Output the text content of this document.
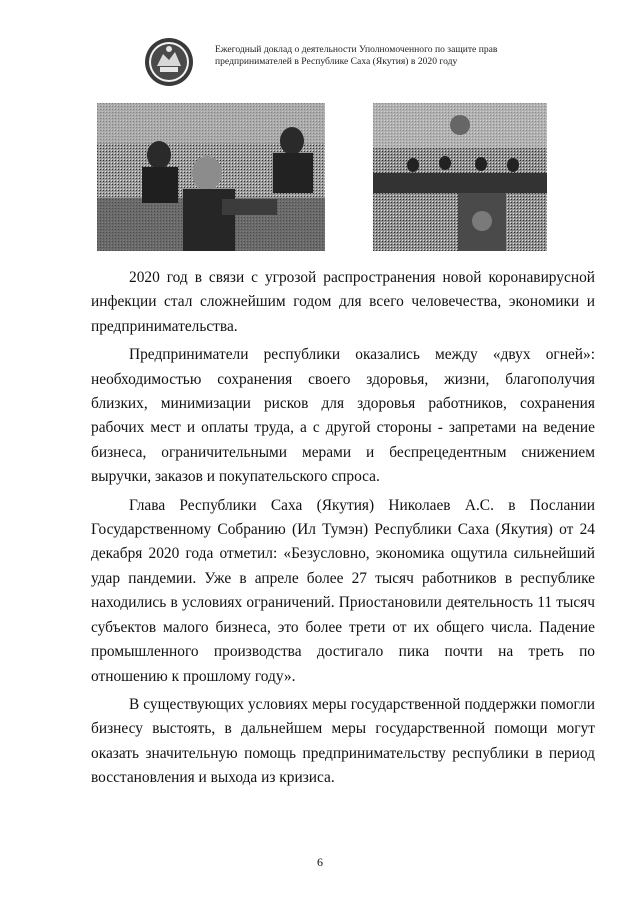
Ежегодный доклад о деятельности Уполномоченного по защите прав
предпринимателей в Республике Саха (Якутия) в 2020 году

2020 год в связи с угрозой распространения новой коронавирусной инфекции стал сложнейшим годом для всего человечества, экономики и предпринимательства.

Предприниматели республики оказались между «двух огней»: необходимостью сохранения своего здоровья, жизни, благополучия близких, минимизации рисков для здоровья работников, сохранения рабочих мест и оплаты труда, а с другой стороны - запретами на ведение бизнеса, ограничительными мерами и беспрецедентным снижением выручки, заказов и покупательского спроса.

Глава Республики Саха (Якутия) Николаев А.С. в Послании Государственному Собранию (Ил Тумэн) Республики Саха (Якутия) от 24 декабря 2020 года отметил: «Безусловно, экономика ощутила сильнейший удар пандемии. Уже в апреле более 27 тысяч работников в республике находились в условиях ограничений. Приостановили деятельность 11 тысяч субъектов малого бизнеса, это более трети от их общего числа. Падение промышленного производства достигало пика почти на треть по отношению к прошлому году».

В существующих условиях меры государственной поддержки помогли бизнесу выстоять, в дальнейшем меры государственной помощи могут оказать значительную помощь предпринимательству республики в период восстановления и выхода из кризиса.

6
